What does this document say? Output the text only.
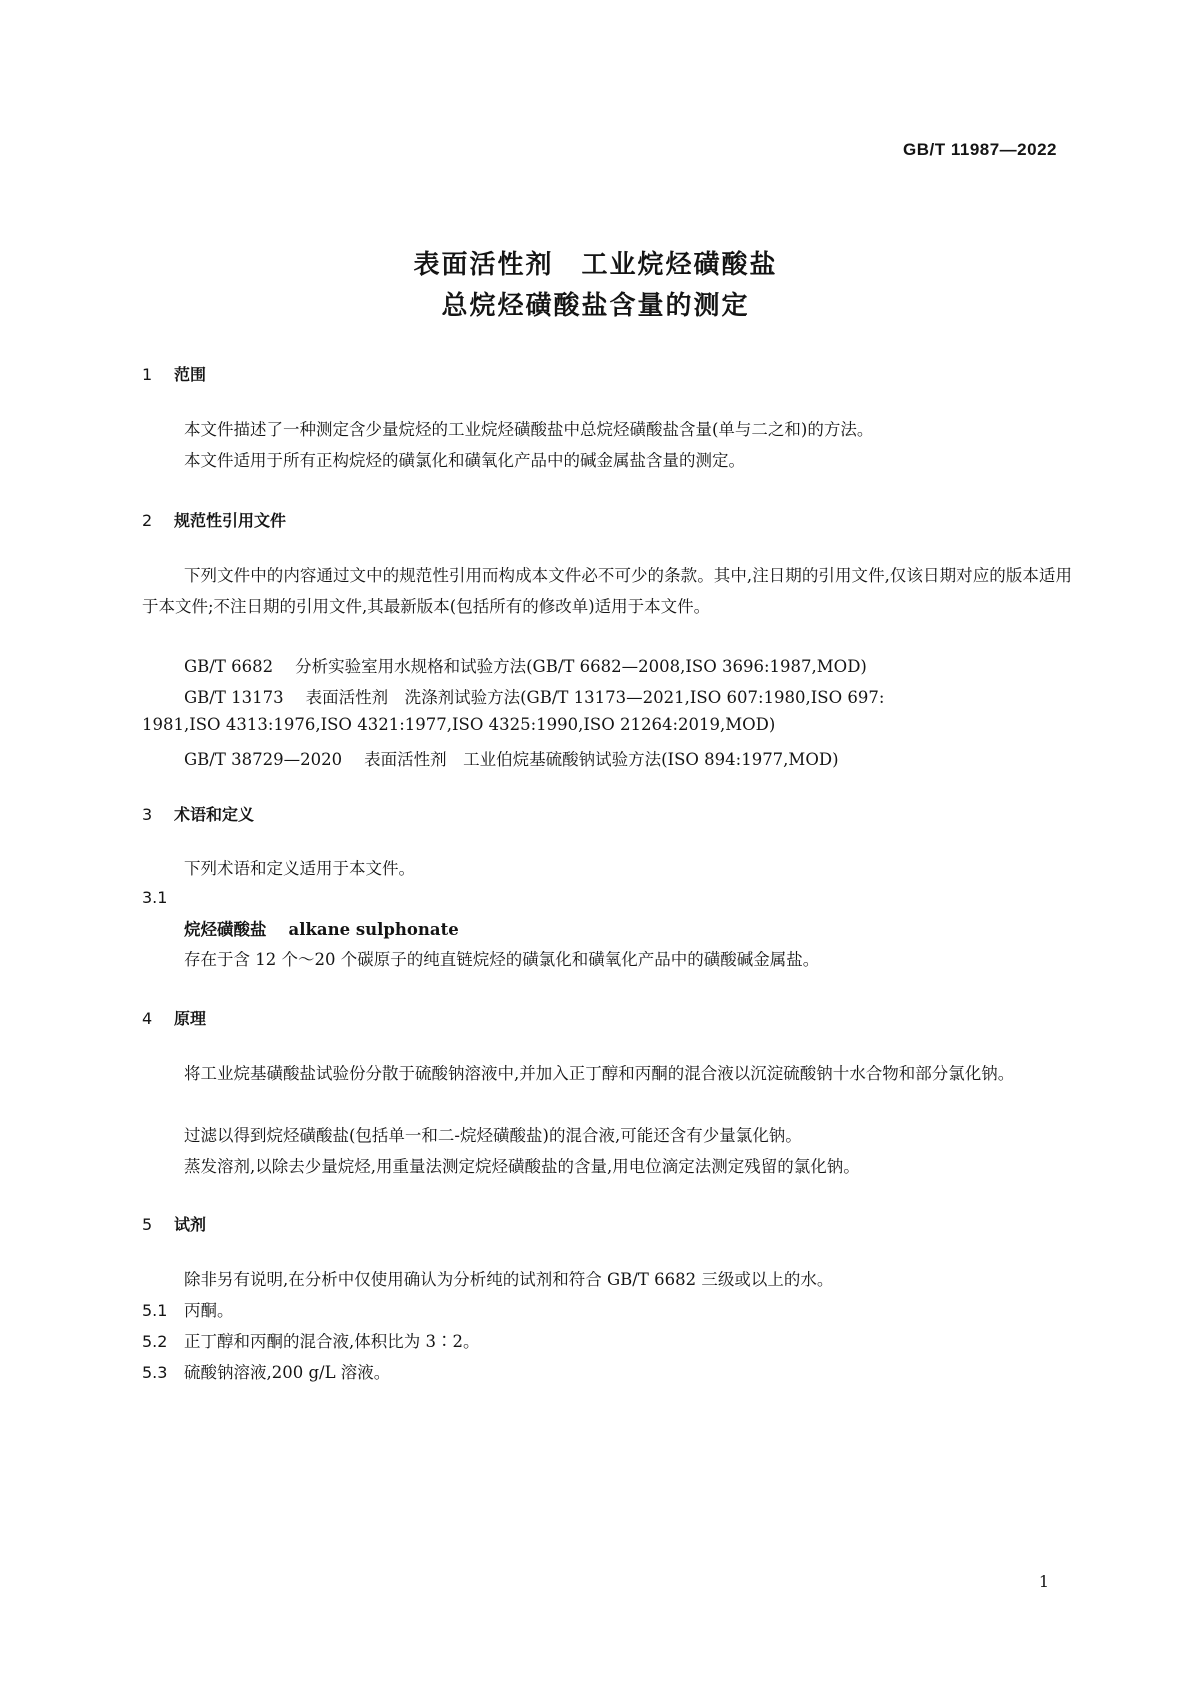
GB/T 11987—2022
表面活性剂　工业烷烃磺酸盐
总烷烃磺酸盐含量的测定
1 范围
本文件描述了一种测定含少量烷烃的工业烷烃磺酸盐中总烷烃磺酸盐含量(单与二之和)的方法。
本文件适用于所有正构烷烃的磺氯化和磺氧化产品中的碱金属盐含量的测定。
2 规范性引用文件
下列文件中的内容通过文中的规范性引用而构成本文件必不可少的条款。其中,注日期的引用文件,仅该日期对应的版本适用于本文件;不注日期的引用文件,其最新版本(包括所有的修改单)适用于本文件。
GB/T 6682 分析实验室用水规格和试验方法(GB/T 6682—2008,ISO 3696:1987,MOD)
GB/T 13173 表面活性剂　洗涤剂试验方法(GB/T 13173—2021,ISO 607:1980,ISO 697:
1981,ISO 4313:1976,ISO 4321:1977,ISO 4325:1990,ISO 21264:2019,MOD)
GB/T 38729—2020 表面活性剂　工业伯烷基硫酸钠试验方法(ISO 894:1977,MOD)
3 术语和定义
下列术语和定义适用于本文件。
3.1
烷烃磺酸盐 alkane sulphonate
存在于含 12 个～20 个碳原子的纯直链烷烃的磺氯化和磺氧化产品中的磺酸碱金属盐。
4 原理
将工业烷基磺酸盐试验份分散于硫酸钠溶液中,并加入正丁醇和丙酮的混合液以沉淀硫酸钠十水合物和部分氯化钠。
过滤以得到烷烃磺酸盐(包括单一和二-烷烃磺酸盐)的混合液,可能还含有少量氯化钠。
蒸发溶剂,以除去少量烷烃,用重量法测定烷烃磺酸盐的含量,用电位滴定法测定残留的氯化钠。
5 试剂
除非另有说明,在分析中仅使用确认为分析纯的试剂和符合 GB/T 6682 三级或以上的水。
5.1 丙酮。
5.2 正丁醇和丙酮的混合液,体积比为 3∶2。
5.3 硫酸钠溶液,200 g/L 溶液。
1
